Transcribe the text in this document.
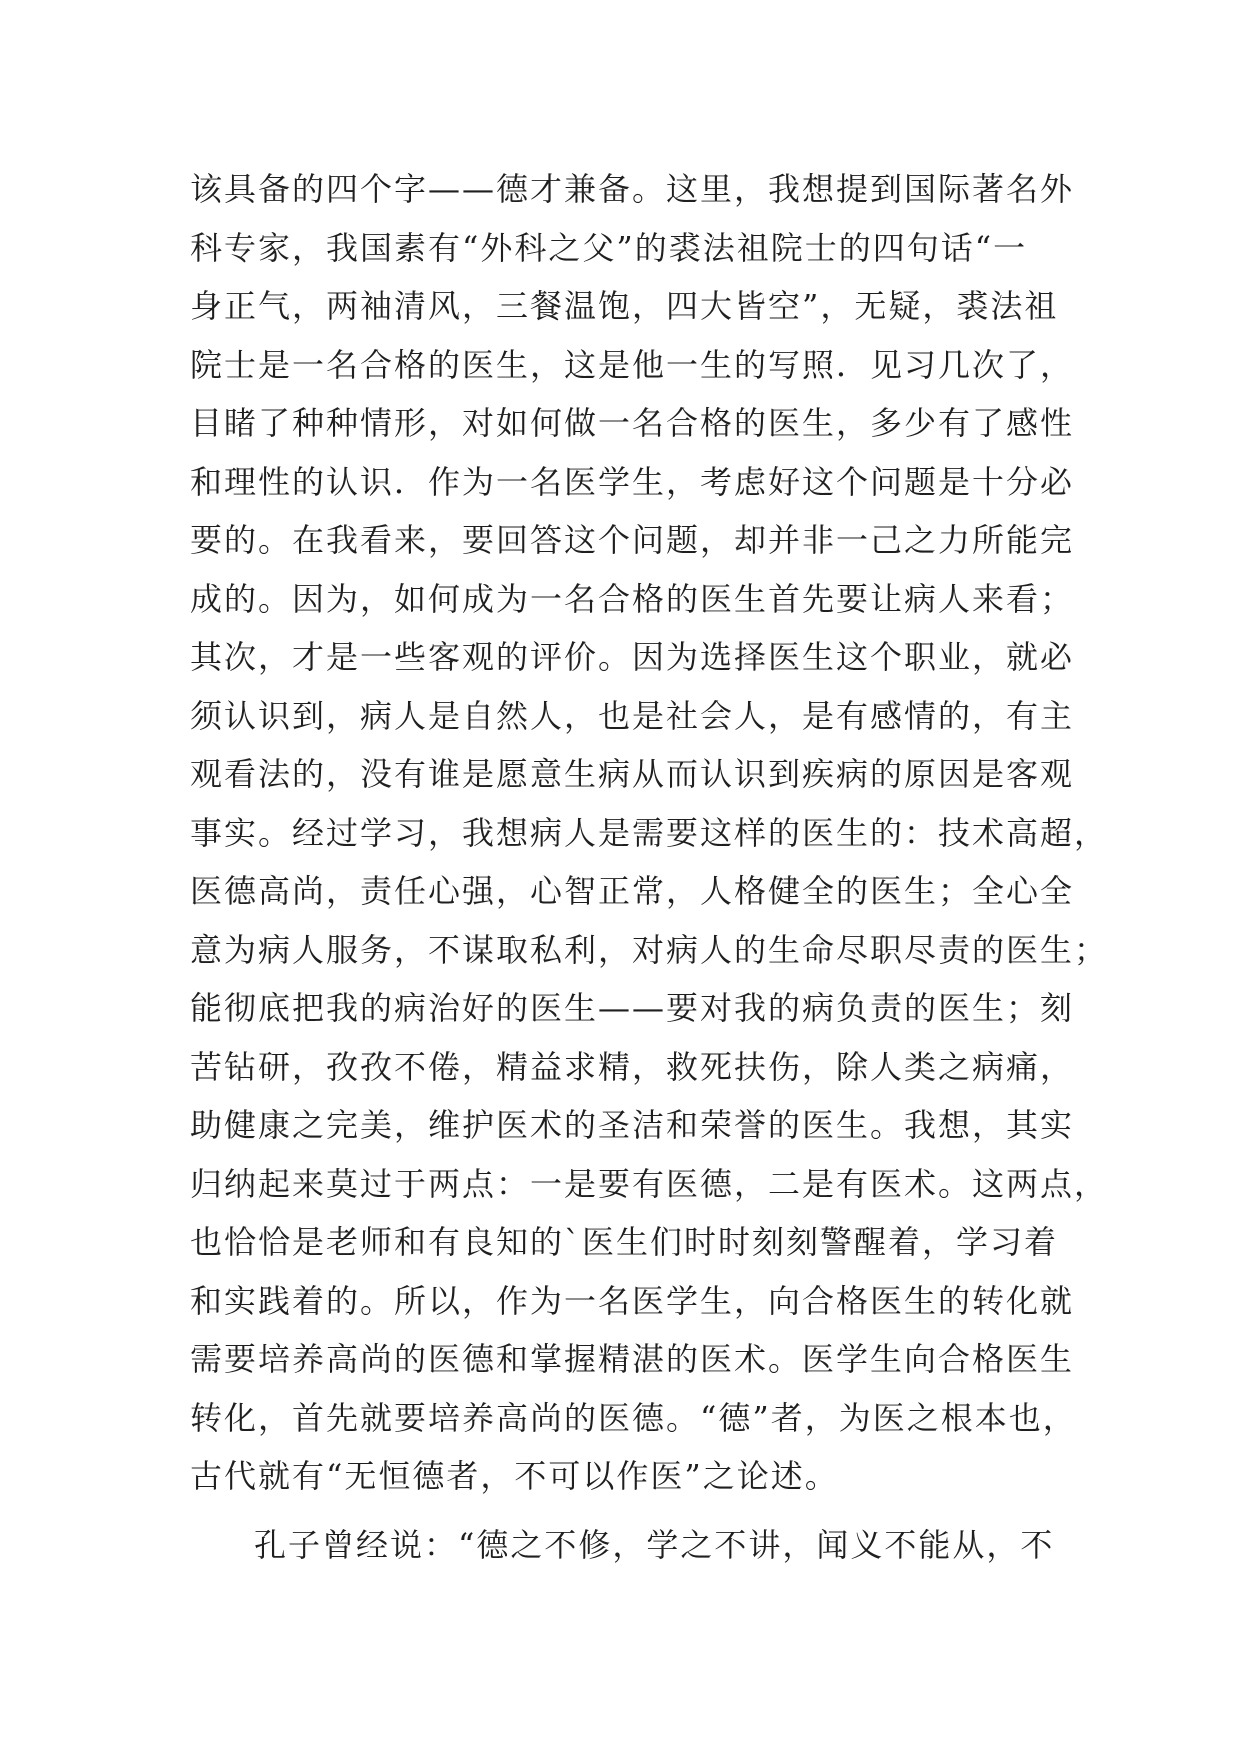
该具备的四个字——德才兼备。这里，我想提到国际著名外
科专家，我国素有“外科之父”的裘法祖院士的四句话“一
身正气，两袖清风，三餐温饱，四大皆空”，无疑，裘法祖
院士是一名合格的医生，这是他一生的写照．见习几次了，
目睹了种种情形，对如何做一名合格的医生，多少有了感性
和理性的认识．作为一名医学生，考虑好这个问题是十分必
要的。在我看来，要回答这个问题，却并非一己之力所能完
成的。因为，如何成为一名合格的医生首先要让病人来看；
其次，才是一些客观的评价。因为选择医生这个职业，就必
须认识到，病人是自然人，也是社会人，是有感情的，有主
观看法的，没有谁是愿意生病从而认识到疾病的原因是客观
事实。经过学习，我想病人是需要这样的医生的：技术高超，
医德高尚，责任心强，心智正常，人格健全的医生；全心全
意为病人服务，不谋取私利，对病人的生命尽职尽责的医生；
能彻底把我的病治好的医生——要对我的病负责的医生；刻
苦钻研，孜孜不倦，精益求精，救死扶伤，除人类之病痛，
助健康之完美，维护医术的圣洁和荣誉的医生。我想，其实
归纳起来莫过于两点：一是要有医德，二是有医术。这两点，
也恰恰是老师和有良知的`医生们时时刻刻警醒着，学习着
和实践着的。所以，作为一名医学生，向合格医生的转化就
需要培养高尚的医德和掌握精湛的医术。医学生向合格医生
转化，首先就要培养高尚的医德。“德”者，为医之根本也，
古代就有“无恒德者，不可以作医”之论述。
孔子曾经说：“德之不修，学之不讲，闻义不能从，不
